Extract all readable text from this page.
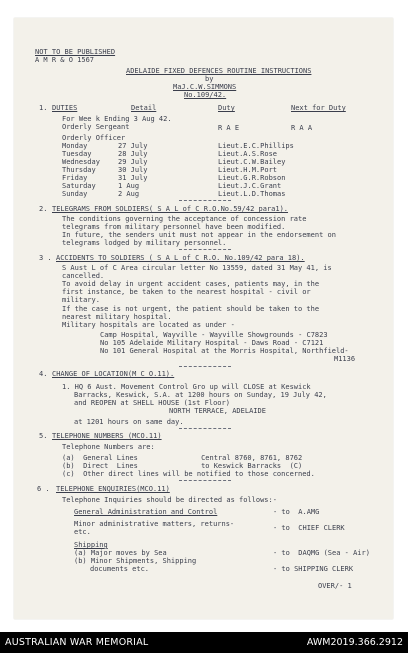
NOT TO BE PUBLISHED
A M R & O 1567
ADELAIDE FIXED DEFENCES ROUTINE INSTRUCTIONS
by
MaJ.C.W.SIMMONS
No.109/42.
1. DUTIES	Detail	Duty	Next for Duty
For Wee k Ending 3 Aug 42.
Orderly Sergeant	R A E	R A A
Orderly Officer
Monday	27 July	Lieut.E.C.Phillips
Tuesday	28 July	Lieut.A.S.Rose
Wednesday	29 July	Lieut.C.W.Bailey
Thursday	30 July	Lieut.H.M.Port
Friday	31 July	Lieut.G.R.Robson
Saturday	1 Aug	Lieut.J.C.Grant
Sunday	2 Aug	Lieut.L.D.Thomas
2. TELEGRAMS FROM SOLDIERS( S A L of C R.O.No.59/42 para1).
The conditions governing the acceptance of concession rate
telegrams from military personnel have been modified.
In future, the senders unit must not appear in the endorsement on
telegrams lodged by military personnel.
3 . ACCIDENTS TO SOLDIERS ( S A L of C R.O. No.109/42 para 18).
S Aust L of C Area circular letter No 13559, dated 31 May 41, is
cancelled.
To avoid delay in urgent accident cases, patients may, in the
first instance, be taken to the nearest hospital - civil or
military.
If the case is not urgent, the patient should be taken to the
nearest military hospital.
Military hospitals are located as under -
Camp Hospital, Wayville - Wayville Showgrounds - C7823
No 105 Adelaide Military Hospital - Daws Road - C7121
No 101 General Hospital at the Morris Hospital, Northfield-
M1136
4. CHANGE OF LOCATION(M C O.11).
1. HQ 6 Aust. Movement Control Gro up will CLOSE at Keswick
Barracks, Keswick, S.A. at 1200 hours on Sunday, 19 July 42,
and REOPEN at SHELL HOUSE (1st Floor)
NORTH TERRACE, ADELAIDE
at 1201 hours on same day.
5. TELEPHONE NUMBERS (MCO.11)
Telephone Numbers are:
(a)  General Lines               Central 8760, 8761, 8762
(b)  Direct  Lines               to Keswick Barracks  (C)
(c)  Other direct lines will be notified to those concerned.
6 . TELEPHONE ENQUIRIES(MCO.11)
Telephone Inquiries should be directed as follows:-
General Administration and Control	- to  A.AMG
Minor administrative matters, returns-
etc.	- to  CHIEF CLERK
Shipping
(a) Major moves by Sea	- to  DAQMG (Sea - Air)
(b) Minor Shipments, Shipping
documents etc.	- to SHIPPING CLERK
OVER/- 1
AUSTRALIAN WAR MEMORIAL	AWM2019.366.2912
